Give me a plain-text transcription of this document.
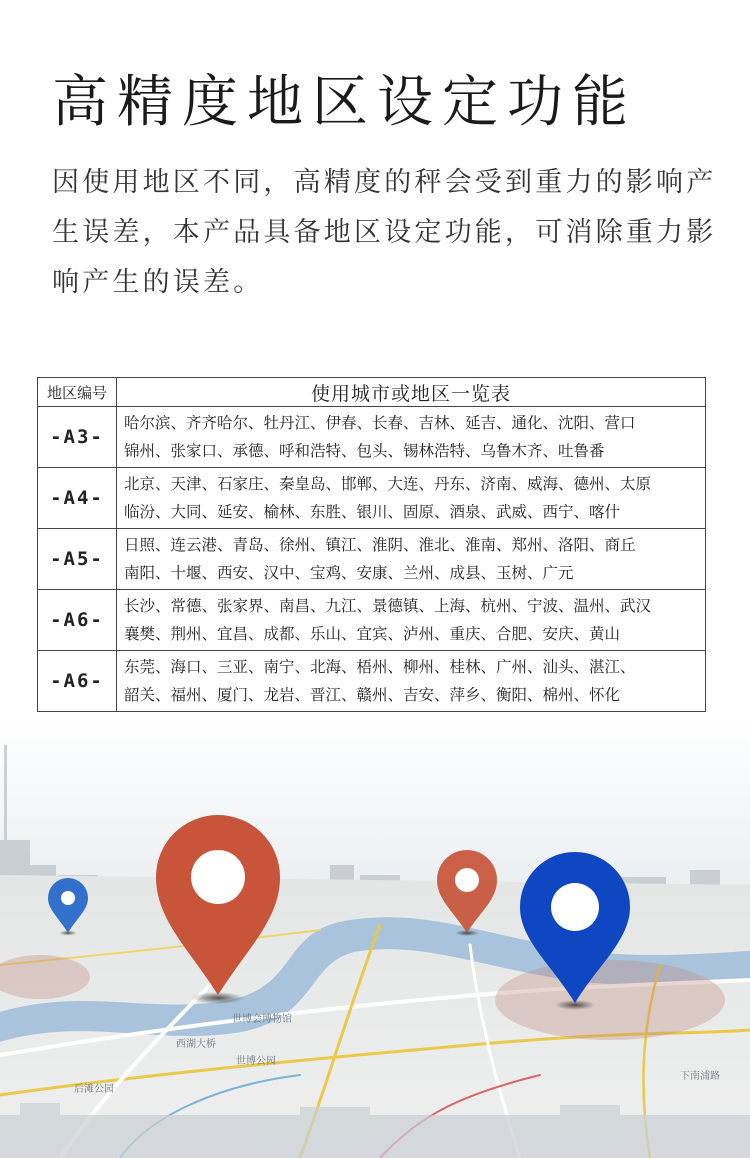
高精度地区设定功能

因使用地区不同，高精度的秤会受到重力的影响产生误差，本产品具备地区设定功能，可消除重力影响产生的误差。

地区编号	使用城市或地区一览表
-A3-	哈尔滨、齐齐哈尔、牡丹江、伊春、长春、吉林、延吉、通化、沈阳、营口
锦州、张家口、承德、呼和浩特、包头、锡林浩特、乌鲁木齐、吐鲁番

-A4-	北京、天津、石家庄、秦皇岛、邯郸、大连、丹东、济南、威海、德州、太原
临汾、大同、延安、榆林、东胜、银川、固原、酒泉、武威、西宁、喀什

-A5-	日照、连云港、青岛、徐州、镇江、淮阴、淮北、淮南、郑州、洛阳、商丘
南阳、十堰、西安、汉中、宝鸡、安康、兰州、成县、玉树、广元

-A6-	长沙、常德、张家界、南昌、九江、景德镇、上海、杭州、宁波、温州、武汉
襄樊、荆州、宜昌、成都、乐山、宜宾、泸州、重庆、合肥、安庆、黄山

-A6-	东莞、海口、三亚、南宁、北海、梧州、柳州、桂林、广州、汕头、湛江、
韶关、福州、厦门、龙岩、晋江、赣州、吉安、萍乡、衡阳、棉州、怀化
世博会博物馆
西湖大桥
世博公园
后滩公园
下南浦路
